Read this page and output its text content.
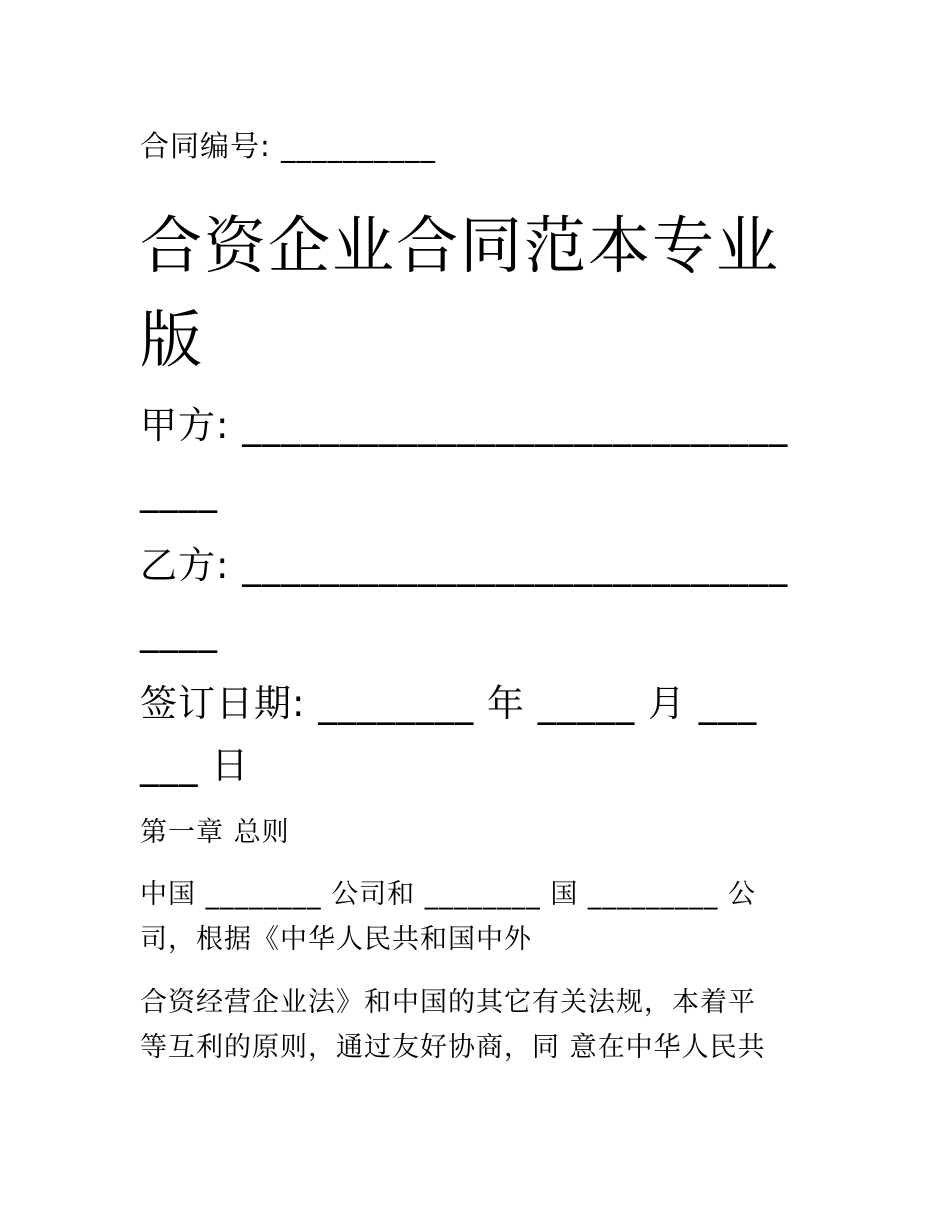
合同编号: __________
合资企业合同范本专业
版
甲方: ____________________________
____
乙方: ____________________________
____
签订日期: ________ 年 _____ 月 ___
___ 日
第一章 总则
中国 ________ 公司和 ________ 国 _________ 公
司，根据《中华人民共和国中外
合资经营企业法》和中国的其它有关法规，本着平
等互利的原则，通过友好协商，同 意在中华人民共
